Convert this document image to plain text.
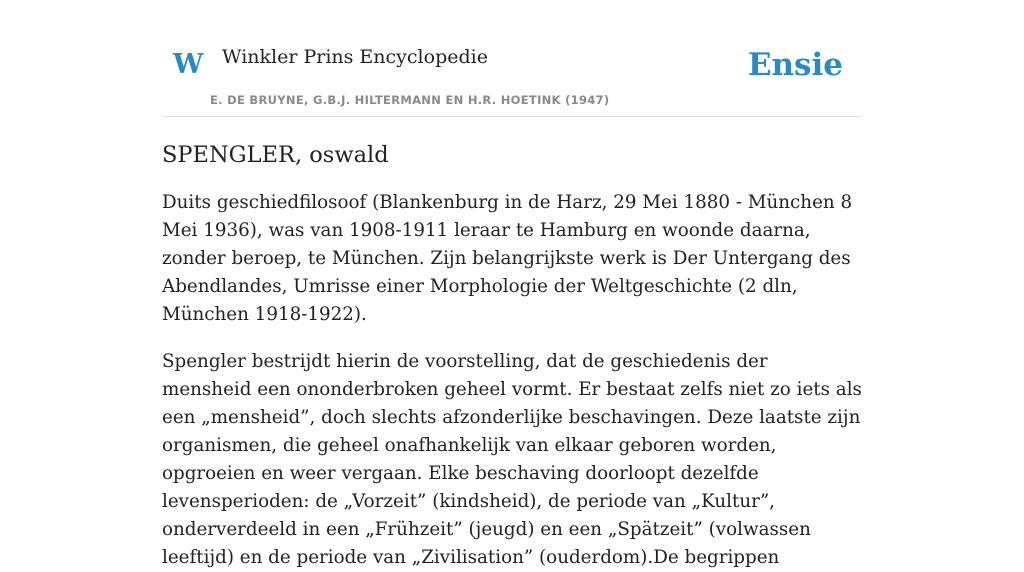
W Winkler Prins Encyclopedie
E. DE BRUYNE, G.B.J. HILTERMANN EN H.R. HOETINK (1947)
Ensie
SPENGLER, oswald

Duits geschiedfilosoof (Blankenburg in de Harz, 29 Mei 1880 - München 8 Mei 1936), was van 1908-1911 leraar te Hamburg en woonde daarna, zonder beroep, te München. Zijn belangrijkste werk is Der Untergang des Abendlandes, Umrisse einer Morphologie der Weltgeschichte (2 dln, München 1918-1922).

Spengler bestrijdt hierin de voorstelling, dat de geschiedenis der mensheid een ononderbroken geheel vormt. Er bestaat zelfs niet zo iets als een „mensheid”, doch slechts afzonderlijke beschavingen. Deze laatste zijn organismen, die geheel onafhankelijk van elkaar geboren worden, opgroeien en weer vergaan. Elke beschaving doorloopt dezelfde levensperioden: de „Vorzeit” (kindsheid), de periode van „Kultur”, onderverdeeld in een „Frühzeit” (jeugd) en een „Spätzeit” (volwassen leeftijd) en de periode van „Zivilisation” (ouderdom).De begrippen
